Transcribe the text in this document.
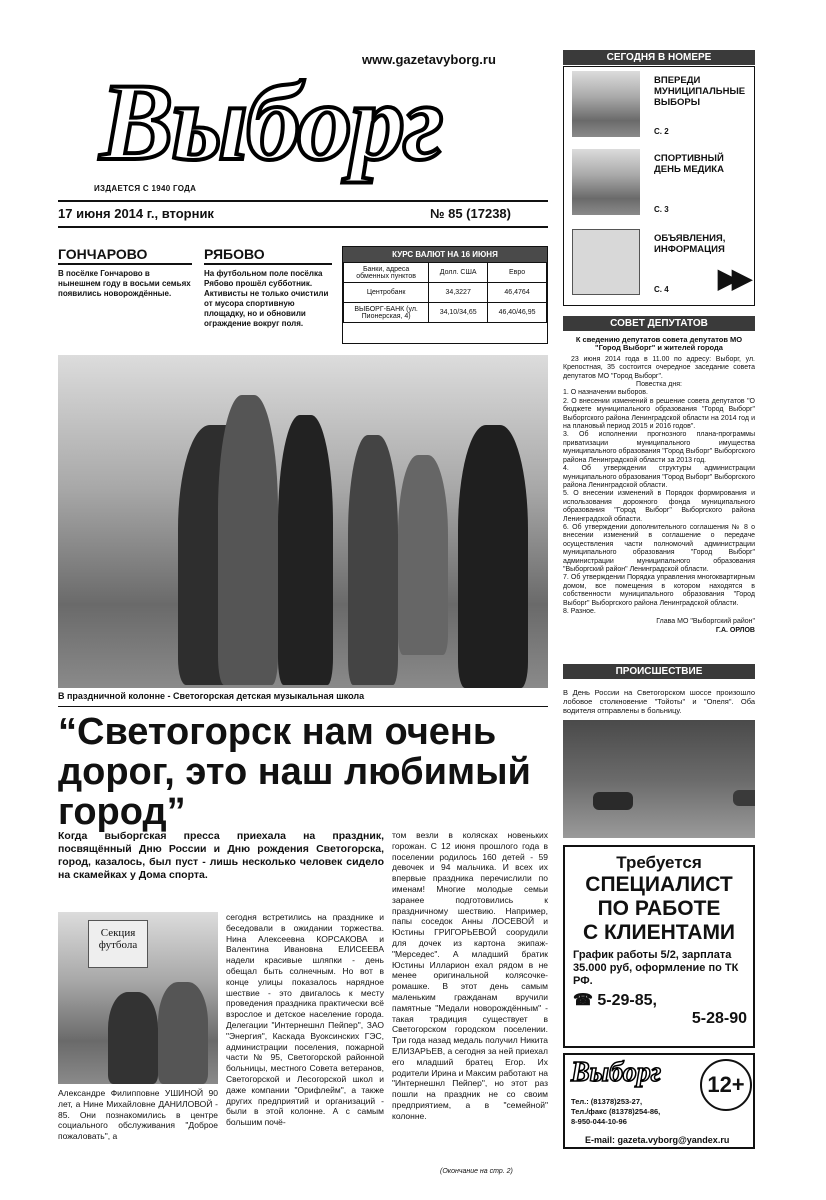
www.gazetavyborg.ru
Выборг
ИЗДАЕТСЯ С 1940 ГОДА
17 июня 2014 г., вторник	№ 85 (17238)
ГОНЧАРОВО
В посёлке Гончарово в нынешнем году в восьми семьях появились новорождённые.
РЯБОВО
На футбольном поле посёлка Рябово прошёл субботник. Активисты не только очистили от мусора спортивную площадку, но и обновили ограждение вокруг поля.
КУРС ВАЛЮТ НА 16 ИЮНЯ
Банки, адреса обменных пунктов	Долл. США	Евро
Центробанк	34,3227	46,4764
ВЫБОРГ-БАНК (ул. Пионерская, 4)	34,10/34,65	46,40/46,95
В праздничной колонне - Светогорская детская музыкальная школа
“Светогорск нам очень дорог, это наш любимый город”
Когда выборгская пресса приехала на праздник, посвящённый Дню России и Дню рождения Светогорска, город, казалось, был пуст - лишь несколько человек сидело на скамейках у Дома спорта.
Секция футбола
Александре Филипповне УШИНОЙ 90 лет, а Нине Михайловне ДАНИЛОВОЙ - 85. Они познакомились в центре социального обслуживания "Доброе пожаловать", а
сегодня встретились на празднике и беседовали в ожидании торжества. Нина Алексеевна КОРСАКОВА и Валентина Ивановна ЕЛИСЕЕВА надели красивые шляпки - день обещал быть солнечным. Но вот в конце улицы показалось нарядное шествие - это двигалось к месту проведения праздника практически всё взрослое и детское население города. Делегации "Интернешнл Пейпер", ЗАО "Энергия", Каскада Вуоксинских ГЭС, администрации поселения, пожарной части № 95, Светогорской районной больницы, местного Совета ветеранов, Светогорской и Лесогорской школ и даже компании "Орифлейм", а также других предприятий и организаций - были в этой колонне. А с самым большим почё-
том везли в колясках новеньких горожан. С 12 июня прошлого года в поселении родилось 160 детей - 59 девочек и 94 мальчика. И всех их впервые праздника перечислили по именам! Многие молодые семьи заранее подготовились к праздничному шествию. Например, папы соседок Анны ЛОСЕВОЙ и Юстины ГРИГОРЬЕВОЙ соорудили для дочек из картона экипаж-"Мерседес". А младший братик Юстины Илларион ехал рядом в не менее оригинальной колясочке-ромашке. В этот день самым маленьким гражданам вручили памятные "Медали новорождённым" - такая традиция существует в Светогорском городском поселении. Три года назад медаль получил Никита ЕЛИЗАРЬЕВ, а сегодня за ней приехал его младший братец Егор. Их родители Ирина и Максим работают на "Интернешнл Пейпер", но этот раз пошли на праздник не со своим предприятием, а в "семейной" колонне.
(Окончание на стр. 2)
СЕГОДНЯ В НОМЕРЕ
ВПЕРЕДИ МУНИЦИПАЛЬНЫЕ ВЫБОРЫ
С. 2
СПОРТИВНЫЙ ДЕНЬ МЕДИКА
С. 3
ОБЪЯВЛЕНИЯ, ИНФОРМАЦИЯ
С. 4 ▶▶
СОВЕТ ДЕПУТАТОВ
К сведению депутатов совета депутатов МО "Город Выборг" и жителей города
23 июня 2014 года в 11.00 по адресу: Выборг, ул. Крепостная, 35 состоится очередное заседание совета депутатов МО "Город Выборг".
Повестка дня:
1. О назначении выборов.
2. О внесении изменений в решение совета депутатов "О бюджете муниципального образования "Город Выборг" Выборгского района Ленинградской области на 2014 год и на плановый период 2015 и 2016 годов".
3. Об исполнении прогнозного плана-программы приватизации муниципального имущества муниципального образования "Город Выборг" Выборгского района Ленинградской области за 2013 год.
4. Об утверждении структуры администрации муниципального образования "Город Выборг" Выборгского района Ленинградской области.
5. О внесении изменений в Порядок формирования и использования дорожного фонда муниципального образования "Город Выборг" Выборгского района Ленинградской области.
6. Об утверждении дополнительного соглашения № 8 о внесении изменений в соглашение о передаче осуществления части полномочий администрации муниципального образования "Город Выборг" администрации муниципального образования "Выборгский район" Ленинградской области.
7. Об утверждении Порядка управления многоквартирным домом, все помещения в котором находятся в собственности муниципального образования "Город Выборг" Выборгского района Ленинградской области.
8. Разное.
Глава МО "Выборгский район"
Г.А. ОРЛОВ
ПРОИСШЕСТВИЕ
В День России на Светогорском шоссе произошло лобовое столкновение "Тойоты" и "Опеля". Оба водителя отправлены в больницу.
Требуется
СПЕЦИАЛИСТ
ПО РАБОТЕ
С КЛИЕНТАМИ
График работы 5/2, зарплата 35.000 руб, оформление по ТК РФ.
☎ 5-29-85,
5-28-90
Выборг	12+
Тел.: (81378)253-27,
Тел./факс (81378)254-86,
8-950-044-10-96
E-mail: gazeta.vyborg@yandex.ru
